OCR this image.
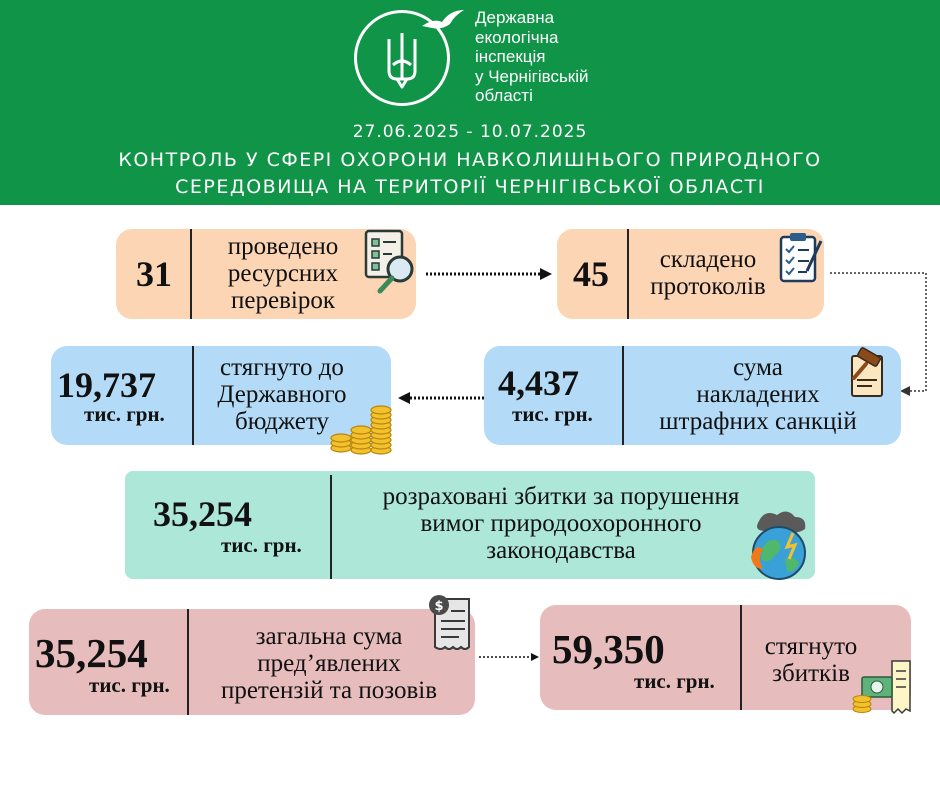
Державна
екологічна
інспекція
у Чернігівській
області
27.06.2025 - 10.07.2025
КОНТРОЛЬ У СФЕРІ ОХОРОНИ НАВКОЛИШНЬОГО ПРИРОДНОГО
СЕРЕДОВИЩА НА ТЕРИТОРІЇ ЧЕРНІГІВСЬКОЇ ОБЛАСТІ
31
проведено
ресурсних
перевірок
45	складено
протоколів
19,737
тис. грн.
стягнуто до
Державного
бюджету
4,437
тис. грн.
сума
накладених
штрафних санкцій
35,254
тис. грн.
розраховані збитки за порушення
вимог природоохоронного
законодавства
35,254
тис. грн.
загальна сума
пред’явлених
претензій та позовів
$
59,350
тис. грн.
стягнуто
збитків
